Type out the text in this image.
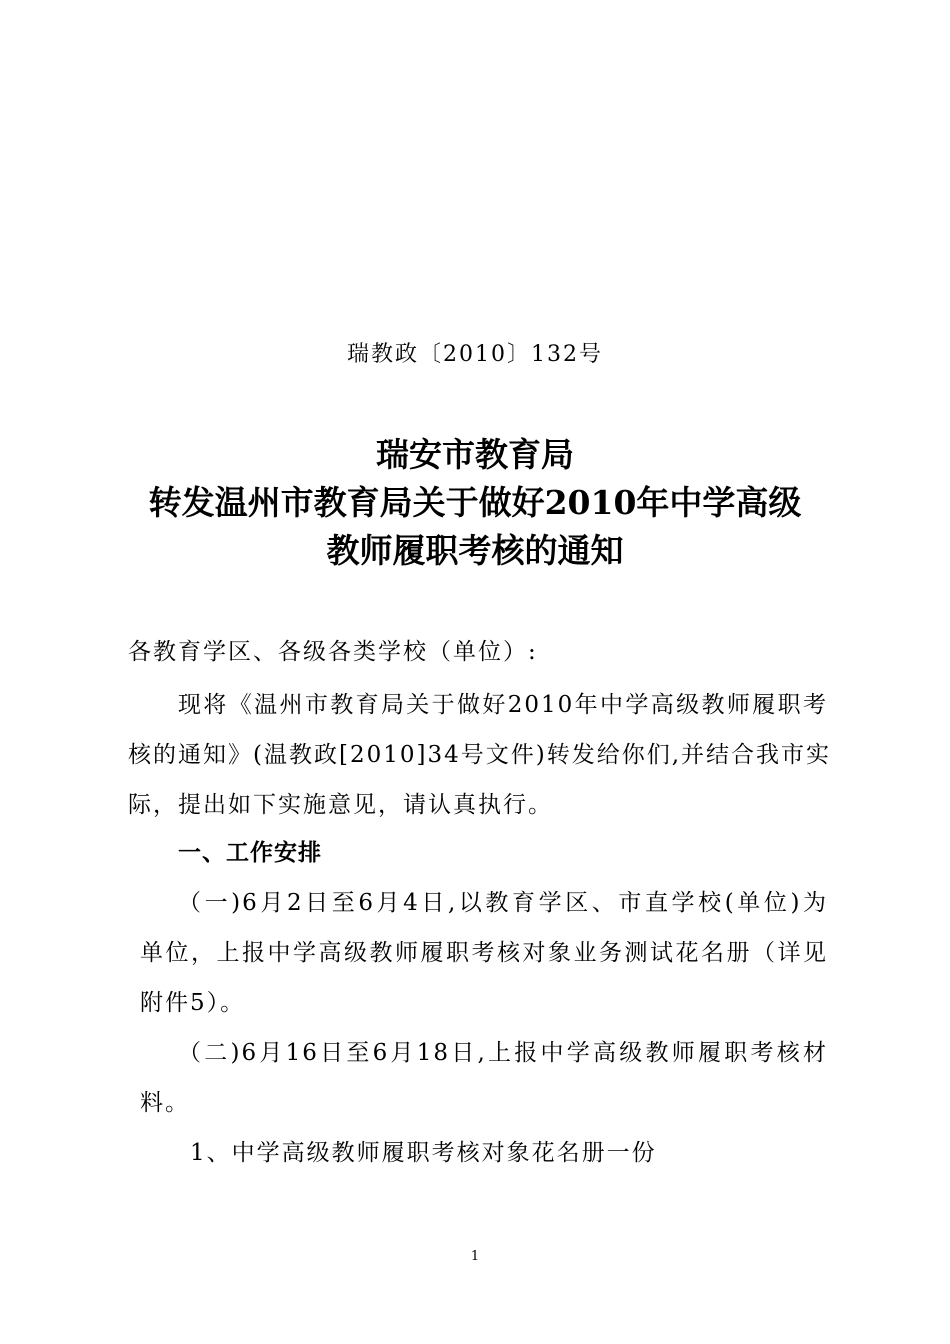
瑞教政〔2010〕132号
瑞安市教育局
转发温州市教育局关于做好2010年中学高级
教师履职考核的通知
各教育学区、各级各类学校（单位）:
现将《温州市教育局关于做好2010年中学高级教师履职考
核的通知》(温教政[2010]34号文件)转发给你们,并结合我市实
际，提出如下实施意见，请认真执行。
一、工作安排
（一)6月2日至6月4日,以教育学区、市直学校(单位)为
单位，上报中学高级教师履职考核对象业务测试花名册（详见
附件5）。
（二)6月16日至6月18日,上报中学高级教师履职考核材
料。
1、中学高级教师履职考核对象花名册一份
1
